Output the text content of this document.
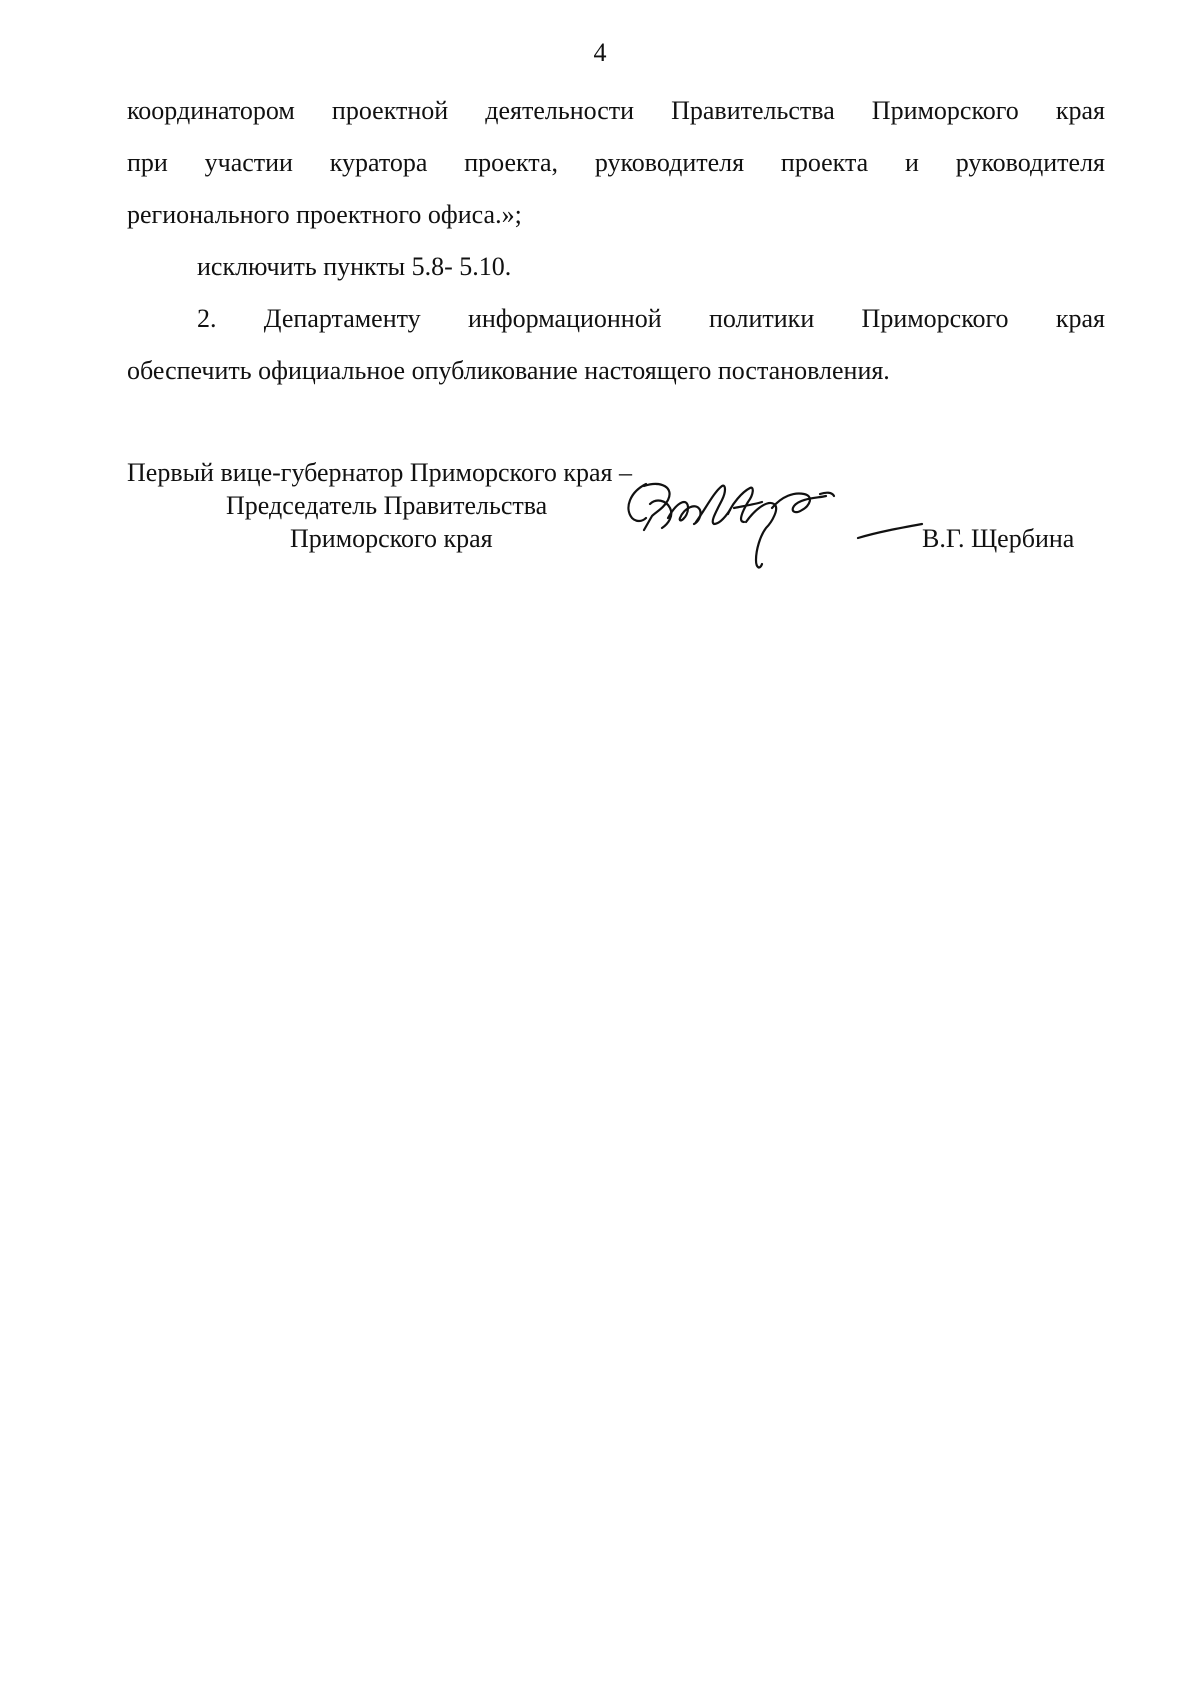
4
координатором проектной деятельности Правительства Приморского края
при участии куратора проекта, руководителя проекта и руководителя
регионального проектного офиса.»;
исключить пункты 5.8- 5.10.
2. Департаменту информационной политики Приморского края
обеспечить официальное опубликование настоящего постановления.
Первый вице-губернатор Приморского края –
Председатель Правительства
Приморского края	В.Г. Щербина
